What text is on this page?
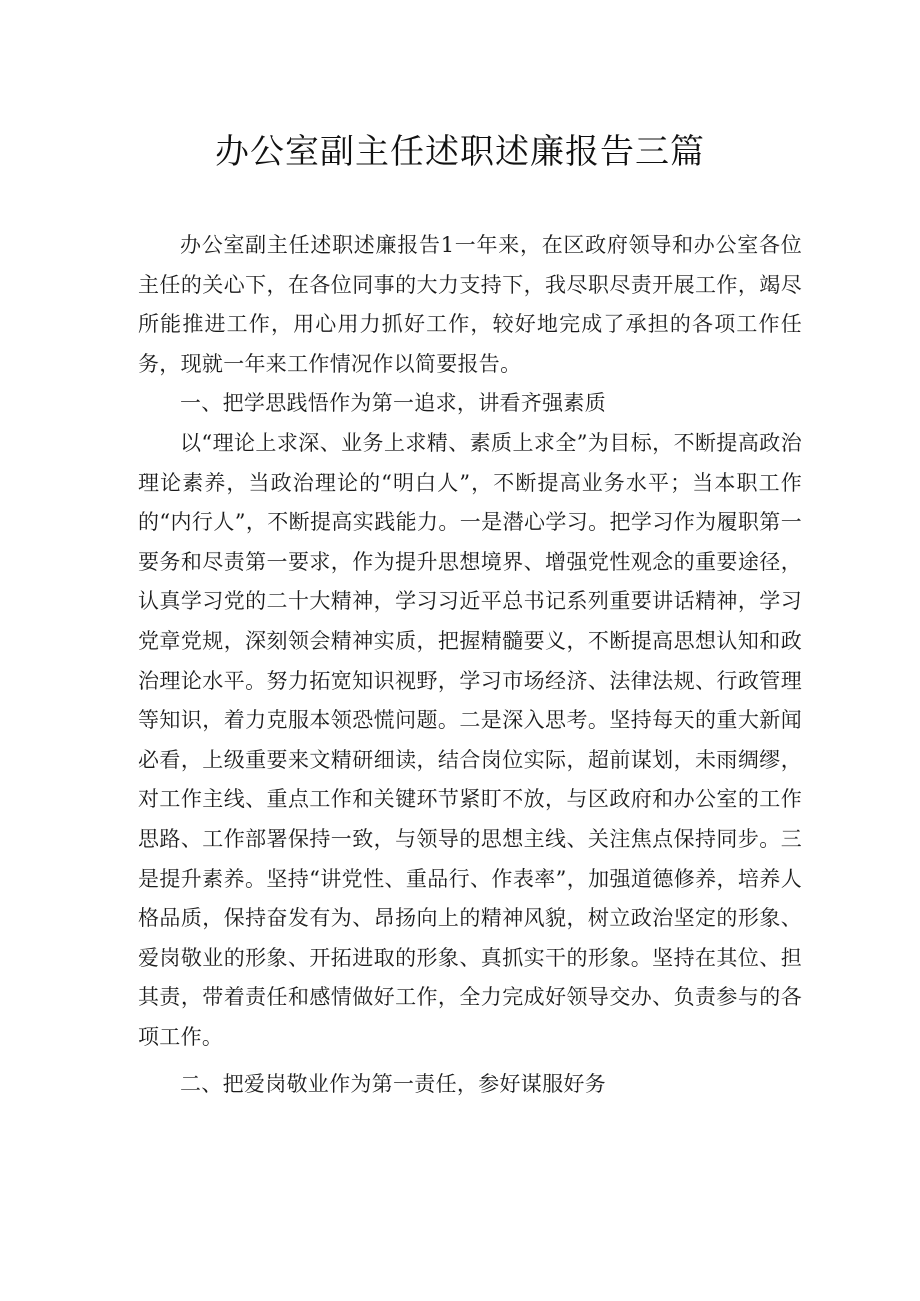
办公室副主任述职述廉报告三篇

办公室副主任述职述廉报告1一年来，在区政府领导和办公室各位主任的关心下，在各位同事的大力支持下，我尽职尽责开展工作，竭尽所能推进工作，用心用力抓好工作，较好地完成了承担的各项工作任务，现就一年来工作情况作以简要报告。

一、把学思践悟作为第一追求，讲看齐强素质

以“理论上求深、业务上求精、素质上求全”为目标，不断提高政治理论素养，当政治理论的“明白人”，不断提高业务水平；当本职工作的“内行人”，不断提高实践能力。一是潜心学习。把学习作为履职第一要务和尽责第一要求，作为提升思想境界、增强党性观念的重要途径，认真学习党的二十大精神，学习习近平总书记系列重要讲话精神，学习党章党规，深刻领会精神实质，把握精髓要义，不断提高思想认知和政治理论水平。努力拓宽知识视野，学习市场经济、法律法规、行政管理等知识，着力克服本领恐慌问题。二是深入思考。坚持每天的重大新闻必看，上级重要来文精研细读，结合岗位实际，超前谋划，未雨绸缪，对工作主线、重点工作和关键环节紧盯不放，与区政府和办公室的工作思路、工作部署保持一致，与领导的思想主线、关注焦点保持同步。三是提升素养。坚持“讲党性、重品行、作表率”，加强道德修养，培养人格品质，保持奋发有为、昂扬向上的精神风貌，树立政治坚定的形象、爱岗敬业的形象、开拓进取的形象、真抓实干的形象。坚持在其位、担其责，带着责任和感情做好工作，全力完成好领导交办、负责参与的各项工作。

二、把爱岗敬业作为第一责任，参好谋服好务
